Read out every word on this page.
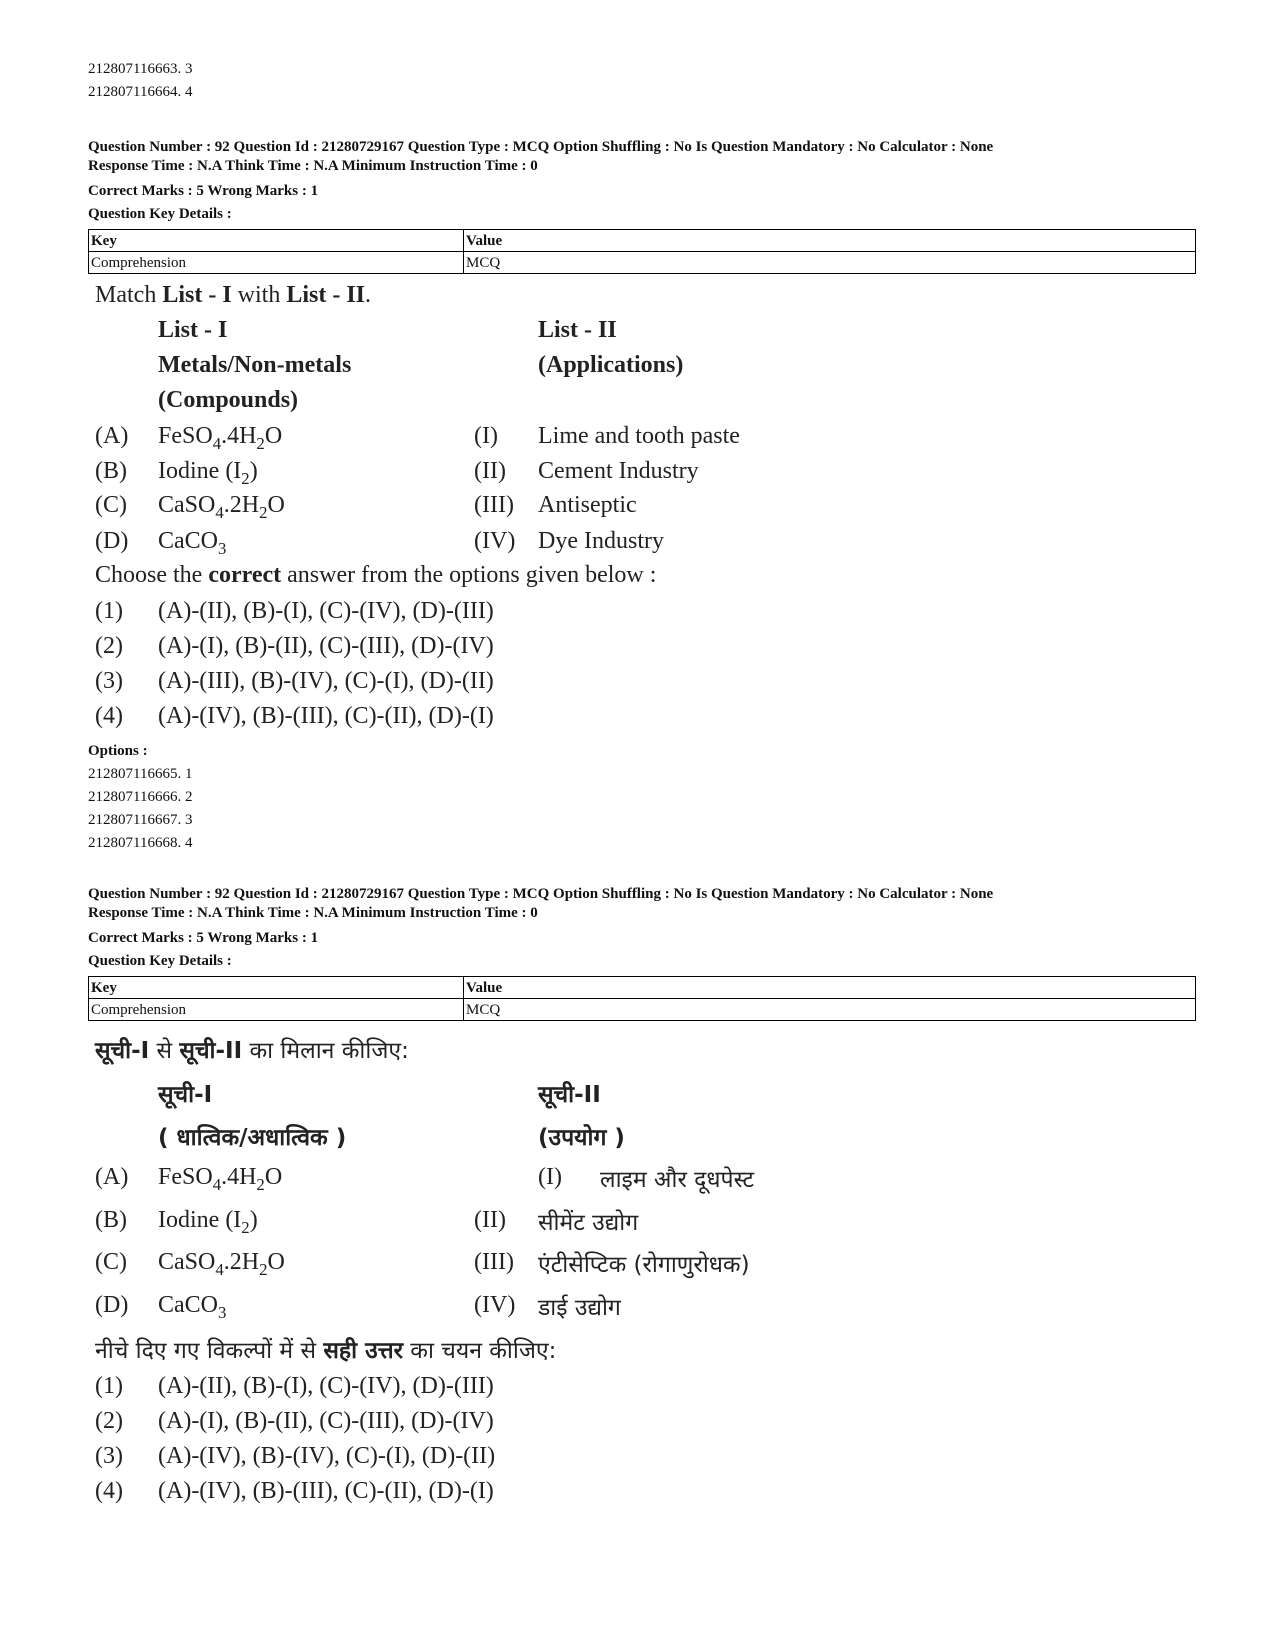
212807116663. 3
212807116664. 4
Question Number : 92 Question Id : 21280729167 Question Type : MCQ Option Shuffling : No Is Question Mandatory : No Calculator : None
Response Time : N.A Think Time : N.A Minimum Instruction Time : 0
Correct Marks : 5 Wrong Marks : 1
Question Key Details :
Key	Value
Comprehension	MCQ
Match List - I with List - II.
List - I
Metals/Non-metals
(Compounds)
List - II
(Applications)
(A) $FeSO_4.4H_2O$	(I) Lime and tooth paste
(B) Iodine $(I_2)$	(II) Cement Industry
(C) $CaSO_4.2H_2O$	(III) Antiseptic
(D) CaCO$_3$	(IV) Dye Industry
Choose the correct answer from the options given below :
(1) (A)-(II), (B)-(I), (C)-(IV), (D)-(III)
(2) (A)-(I), (B)-(II), (C)-(III), (D)-(IV)
(3) (A)-(III), (B)-(IV), (C)-(I), (D)-(II)
(4) (A)-(IV), (B)-(III), (C)-(II), (D)-(I)
Options :
212807116665. 1
212807116666. 2
212807116667. 3
212807116668. 4
Question Number : 92 Question Id : 21280729167 Question Type : MCQ Option Shuffling : No Is Question Mandatory : No Calculator : None
Response Time : N.A Think Time : N.A Minimum Instruction Time : 0
Correct Marks : 5 Wrong Marks : 1
Question Key Details :
Key	Value
Comprehension	MCQ
सूची-I से सूची-II का मिलान कीजिए:
सूची-I
( धात्विक/अधात्विक )
सूची-II
(उपयोग )
(A) $FeSO_4.4H_2O$	(I) लाइम और दूधपेस्ट
(B) Iodine $(I_2)$	(II) सीमेंट उद्योग
(C) $CaSO_4.2H_2O$	(III) एंटीसेप्टिक (रोगाणुरोधक)
(D) CaCO$_3$	(IV) डाई उद्योग
नीचे दिए गए विकल्पों में से सही उत्तर का चयन कीजिए:
(1) (A)-(II), (B)-(I), (C)-(IV), (D)-(III)
(2) (A)-(I), (B)-(II), (C)-(III), (D)-(IV)
(3) (A)-(IV), (B)-(IV), (C)-(I), (D)-(II)
(4) (A)-(IV), (B)-(III), (C)-(II), (D)-(I)
